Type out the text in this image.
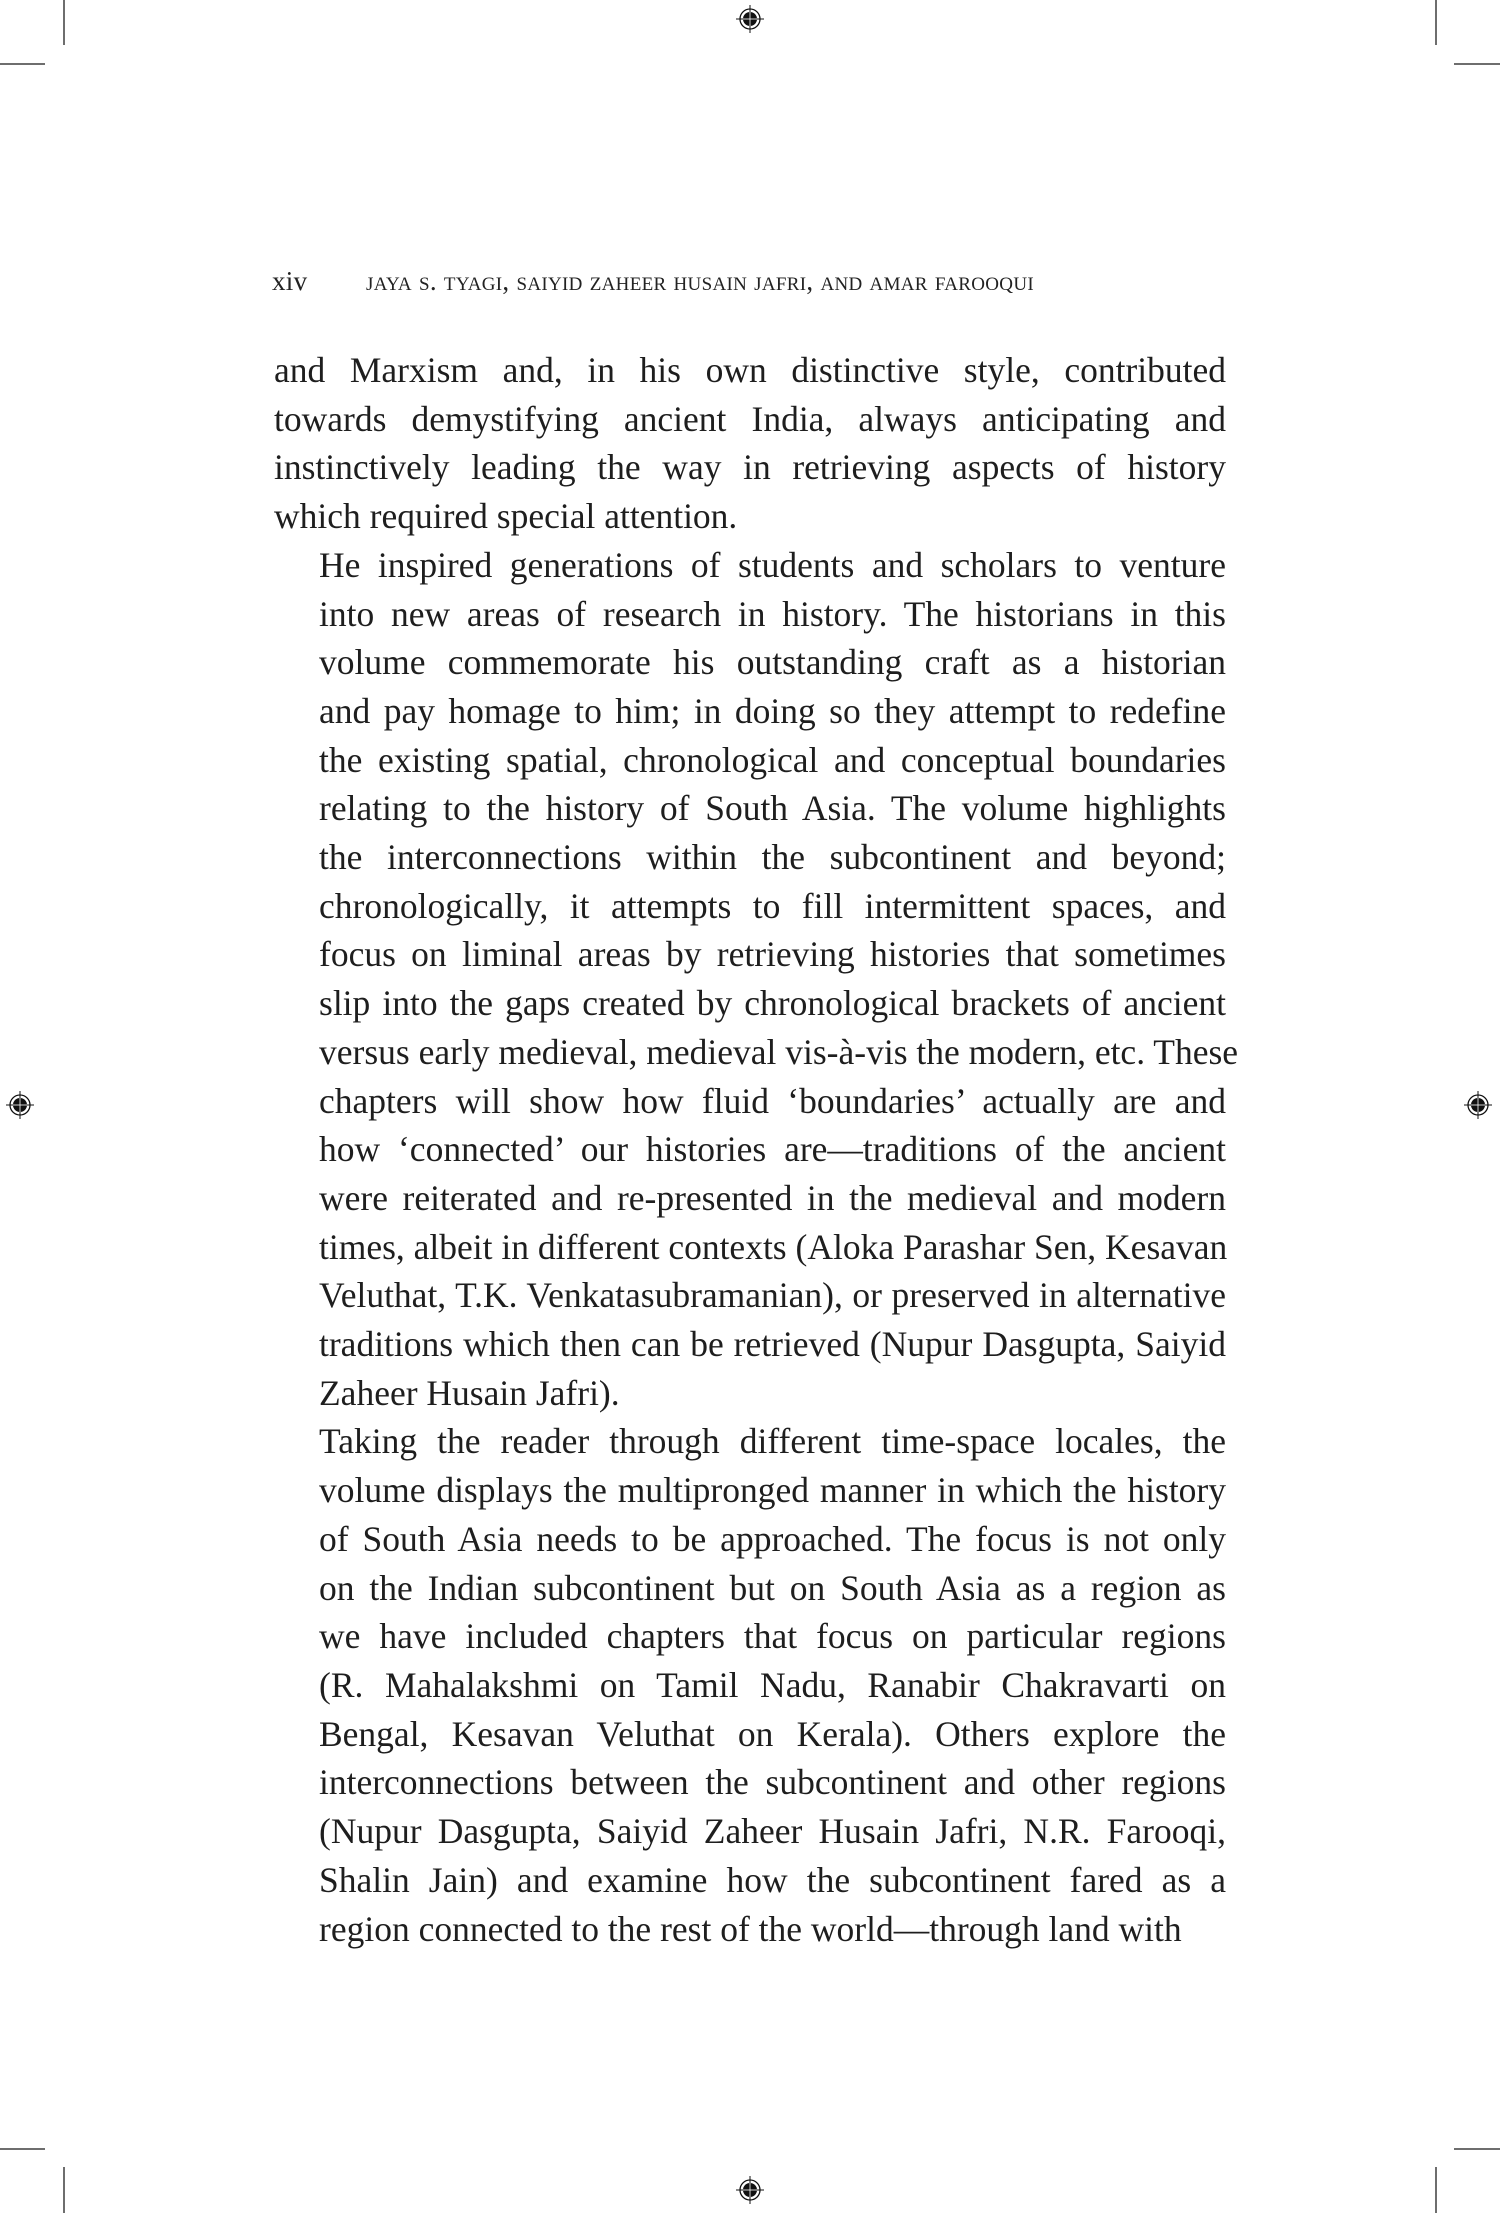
xiv jaya s. tyagi, saiyid zaheer husain jafri, and amar farooqui
and Marxism and, in his own distinctive style, contributed
towards demystifying ancient India, always anticipating and
instinctively leading the way in retrieving aspects of history
which required special attention.
He inspired generations of students and scholars to venture
into new areas of research in history. The historians in this
volume commemorate his outstanding craft as a historian
and pay homage to him; in doing so they attempt to redefine
the existing spatial, chronological and conceptual boundaries
relating to the history of South Asia. The volume highlights
the interconnections within the subcontinent and beyond;
chronologically, it attempts to fill intermittent spaces, and
focus on liminal areas by retrieving histories that sometimes
slip into the gaps created by chronological brackets of ancient
versus early medieval, medieval vis-à-vis the modern, etc. These
chapters will show how fluid ‘boundaries’ actually are and
how ‘connected’ our histories are—traditions of the ancient
were reiterated and re-presented in the medieval and modern
times, albeit in different contexts (Aloka Parashar Sen, Kesavan
Veluthat, T.K. Venkatasubramanian), or preserved in alternative
traditions which then can be retrieved (Nupur Dasgupta, Saiyid
Zaheer Husain Jafri).
Taking the reader through different time-space locales, the
volume displays the multipronged manner in which the history
of South Asia needs to be approached. The focus is not only
on the Indian subcontinent but on South Asia as a region as
we have included chapters that focus on particular regions
(R. Mahalakshmi on Tamil Nadu, Ranabir Chakravarti on
Bengal, Kesavan Veluthat on Kerala). Others explore the
interconnections between the subcontinent and other regions
(Nupur Dasgupta, Saiyid Zaheer Husain Jafri, N.R. Farooqi,
Shalin Jain) and examine how the subcontinent fared as a
region connected to the rest of the world—through land with
